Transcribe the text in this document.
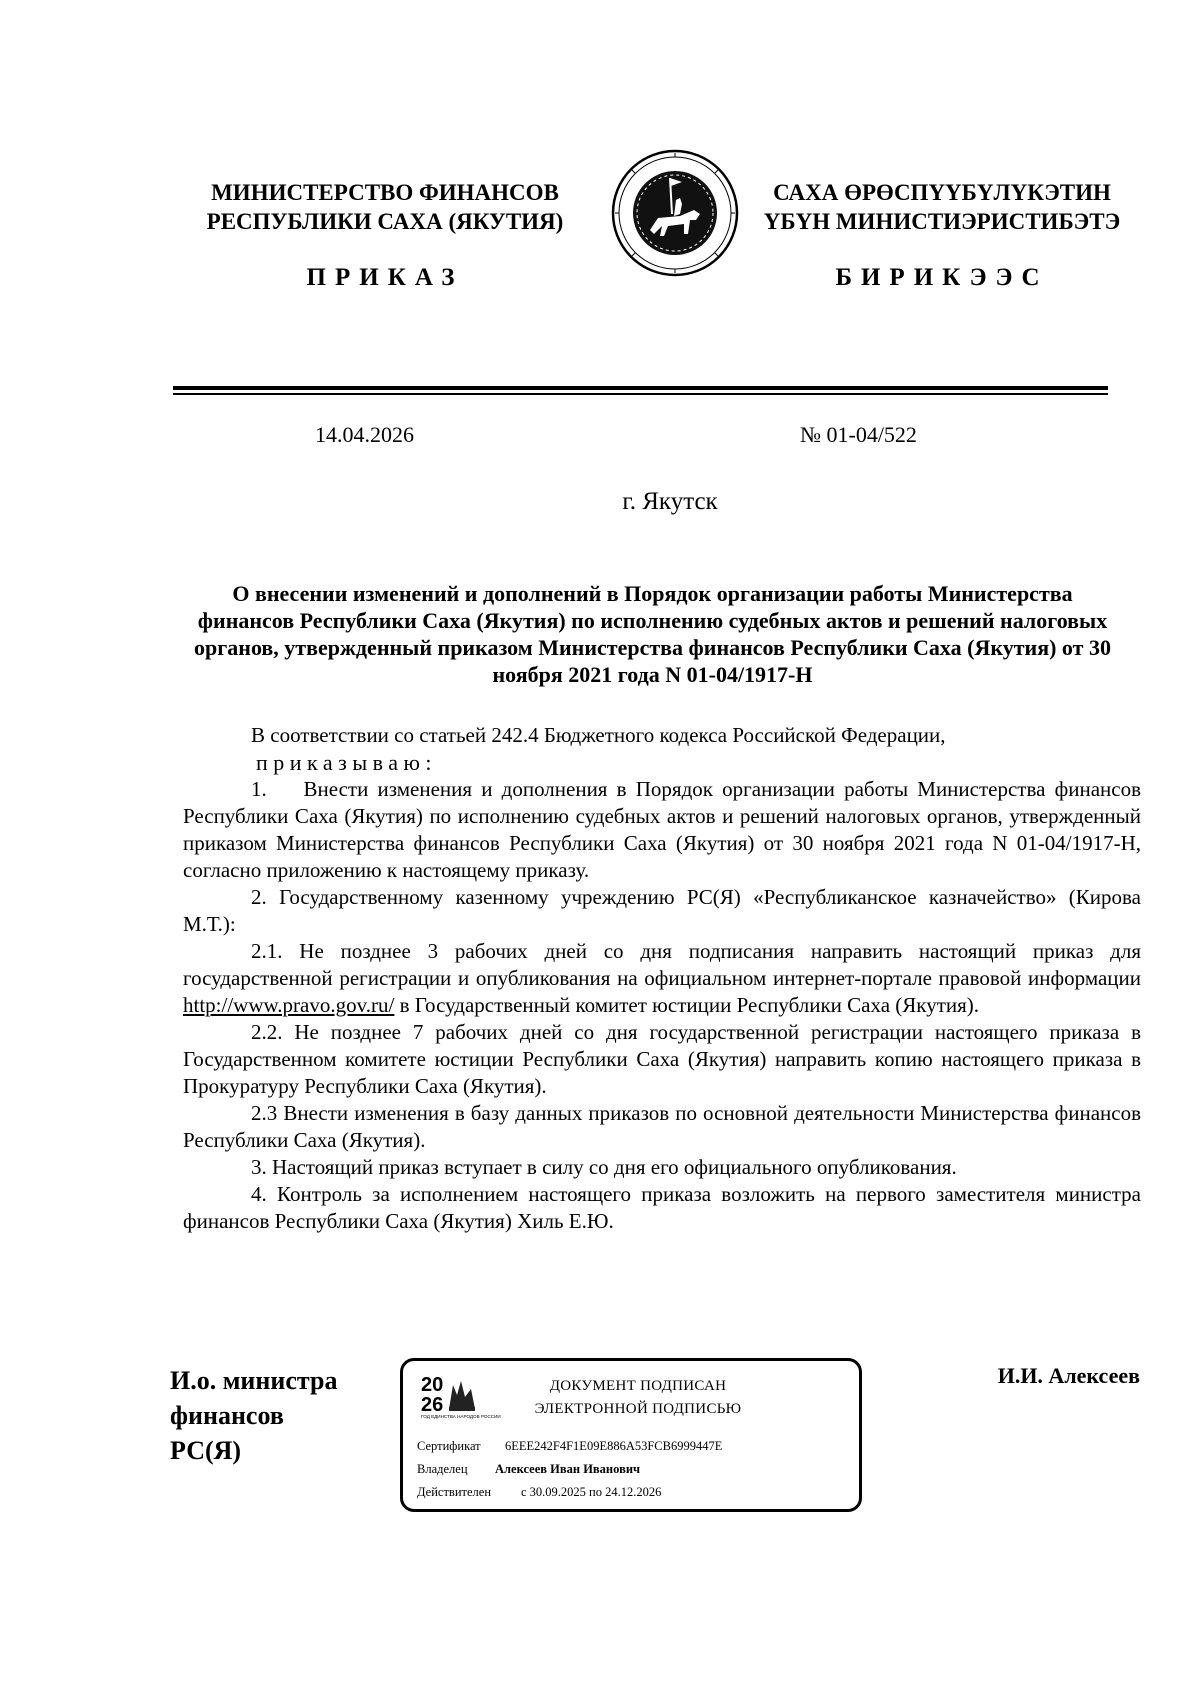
МИНИСТЕРСТВО ФИНАНСОВ
РЕСПУБЛИКИ САХА (ЯКУТИЯ)
САХА ӨРӨСПҮҮБҮЛҮКЭТИН
ҮБҮН МИНИСТИЭРИСТИБЭТЭ
ПРИКАЗ	БИРИКЭЭС
14.04.2026	№ 01-04/522
г. Якутск
О внесении изменений и дополнений в Порядок организации работы Министерства финансов Республики Саха (Якутия) по исполнению судебных актов и решений налоговых органов, утвержденный приказом Министерства финансов Республики Саха (Якутия) от 30 ноября 2021 года N 01-04/1917-Н

В соответствии со статьей 242.4 Бюджетного кодекса Российской Федерации,

приказываю:

1.    Внести изменения и дополнения в Порядок организации работы Министерства финансов Республики Саха (Якутия) по исполнению судебных актов и решений налоговых органов, утвержденный приказом Министерства финансов Республики Саха (Якутия) от 30 ноября 2021 года N 01-04/1917-Н, согласно приложению к настоящему приказу.

2. Государственному казенному учреждению РС(Я) «Республиканское казначейство» (Кирова М.Т.):

2.1. Не позднее 3 рабочих дней со дня подписания направить настоящий приказ для государственной регистрации и опубликования на официальном интернет-портале правовой информации http://www.pravo.gov.ru/ в Государственный комитет юстиции Республики Саха (Якутия).

2.2. Не позднее 7 рабочих дней со дня государственной регистрации настоящего приказа в Государственном комитете юстиции Республики Саха (Якутия) направить копию настоящего приказа в Прокуратуру Республики Саха (Якутия).

2.3 Внести изменения в базу данных приказов по основной деятельности Министерства финансов Республики Саха (Якутия).

3. Настоящий приказ вступает в силу со дня его официального опубликования.

4. Контроль за исполнением настоящего приказа возложить на первого заместителя министра финансов Республики Саха (Якутия) Хиль Е.Ю.

И.о. министра
финансов
РС(Я)
20
26
ГОД ЕДИНСТВА НАРОДОВ РОССИИ
ДОКУМЕНТ ПОДПИСАН
ЭЛЕКТРОННОЙ ПОДПИСЬЮ
Сертификат 6EEE242F4F1E09E886A53FCB6999447E
Владелец Алексеев Иван Иванович
Действителен с 30.09.2025 по 24.12.2026
И.И. Алексеев
